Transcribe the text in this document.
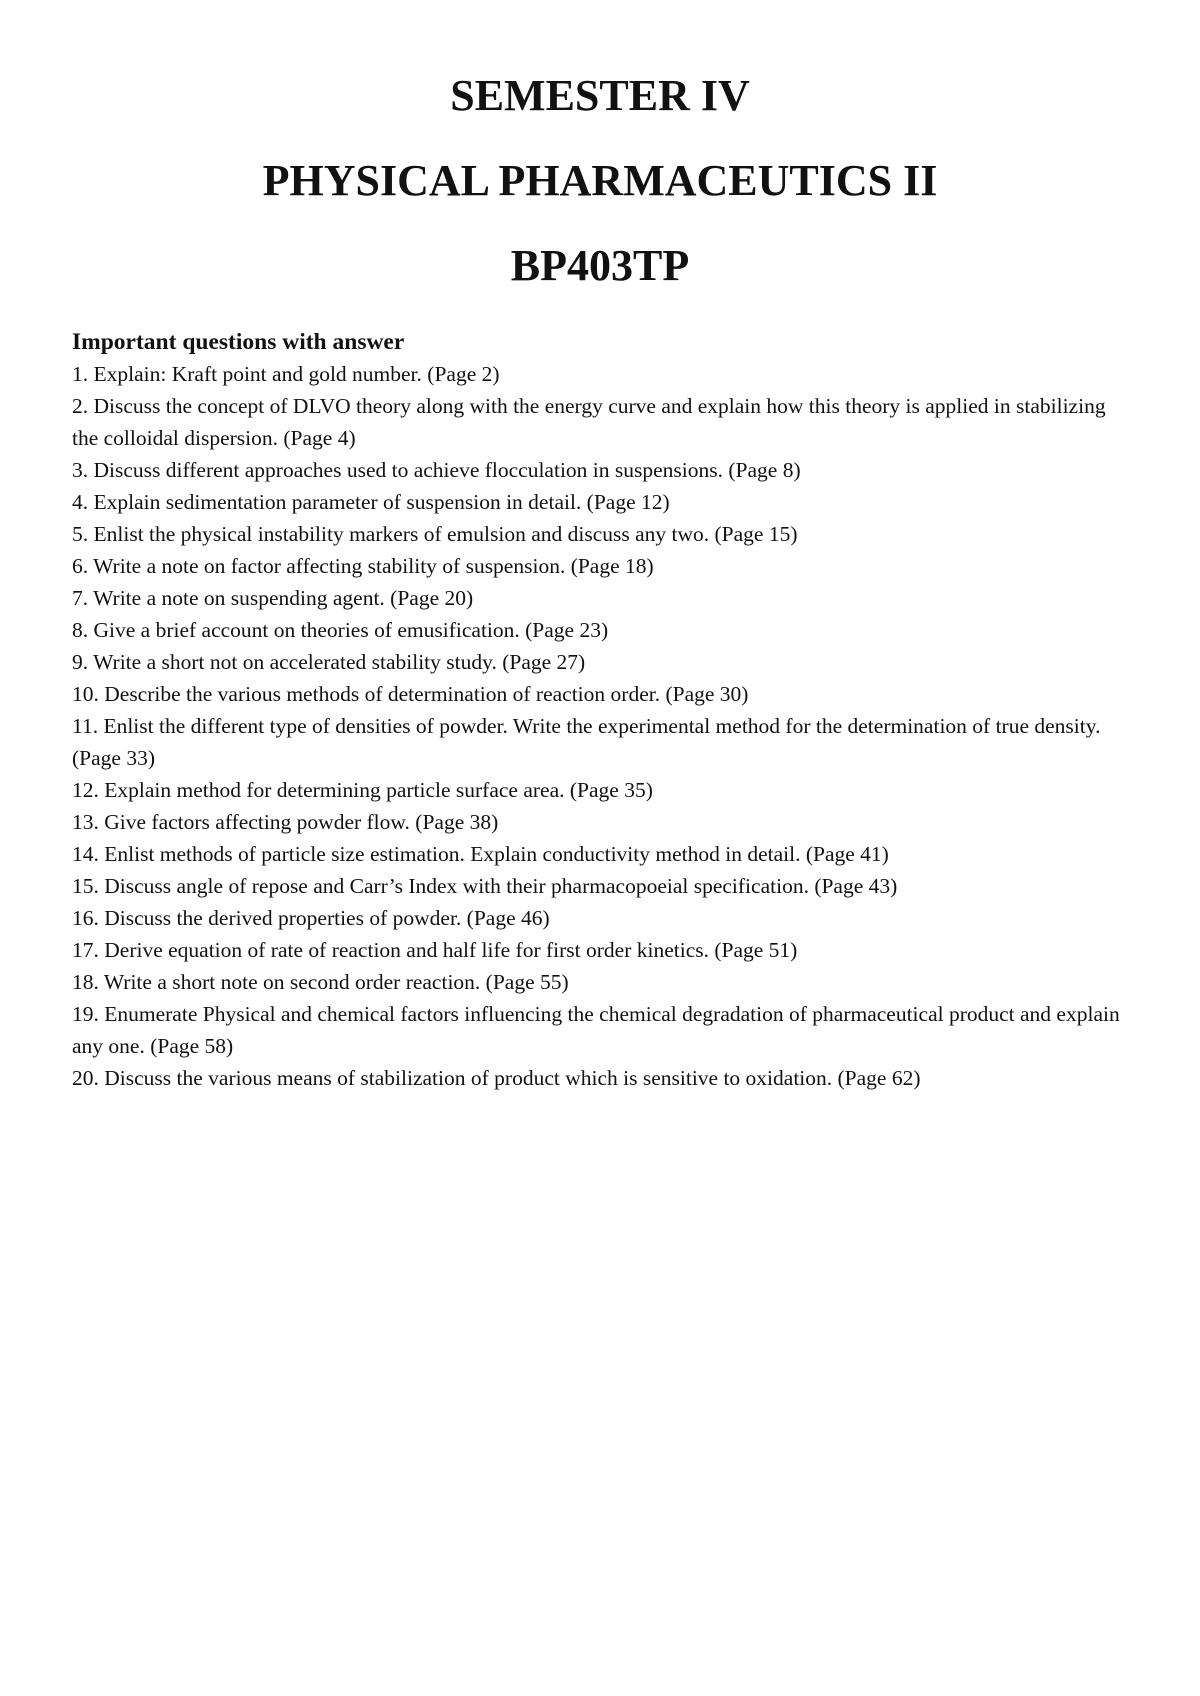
SEMESTER IV
PHYSICAL PHARMACEUTICS II
BP403TP
Important questions with answer
1. Explain: Kraft point and gold number. (Page 2)
2. Discuss the concept of DLVO theory along with the energy curve and explain how this theory is applied in stabilizing the colloidal dispersion. (Page 4)
3. Discuss different approaches used to achieve flocculation in suspensions. (Page 8)
4. Explain sedimentation parameter of suspension in detail. (Page 12)
5. Enlist the physical instability markers of emulsion and discuss any two. (Page 15)
6. Write a note on factor affecting stability of suspension. (Page 18)
7. Write a note on suspending agent. (Page 20)
8. Give a brief account on theories of emusification. (Page 23)
9. Write a short not on accelerated stability study. (Page 27)
10. Describe the various methods of determination of reaction order. (Page 30)
11. Enlist the different type of densities of powder. Write the experimental method for the determination of true density. (Page 33)
12. Explain method for determining particle surface area. (Page 35)
13. Give factors affecting powder flow. (Page 38)
14. Enlist methods of particle size estimation. Explain conductivity method in detail. (Page 41)
15. Discuss angle of repose and Carr’s Index with their pharmacopoeial specification. (Page 43)
16. Discuss the derived properties of powder. (Page 46)
17. Derive equation of rate of reaction and half life for first order kinetics. (Page 51)
18. Write a short note on second order reaction. (Page 55)
19. Enumerate Physical and chemical factors influencing the chemical degradation of pharmaceutical product and explain any one. (Page 58)
20. Discuss the various means of stabilization of product which is sensitive to oxidation. (Page 62)
